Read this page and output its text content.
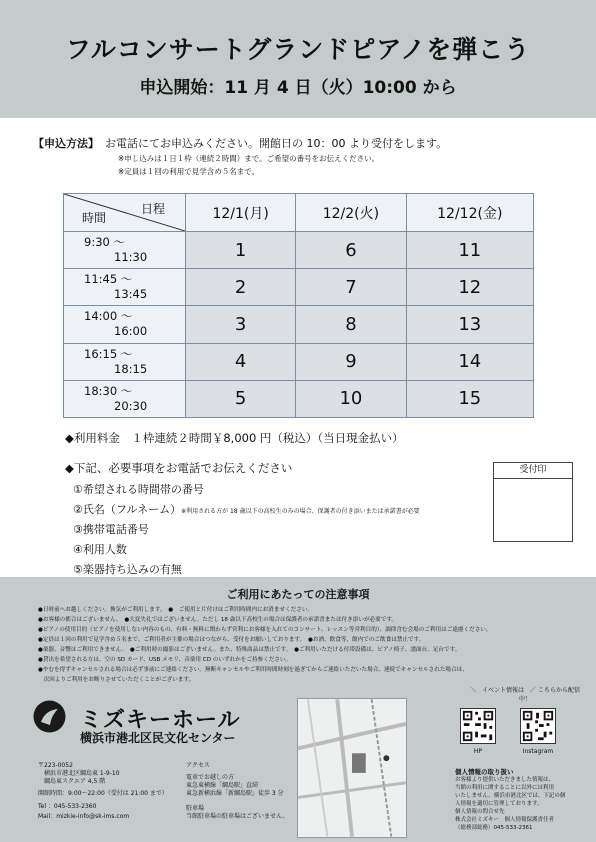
フルコンサートグランドピアノを弾こう
申込開始：11 月 4 日（火）10:00 から
【申込方法】 お電話にてお申込みください。開館日の 10：00 より受付をします。
※申し込みは１日１枠（連続２時間）まで。ご希望の番号をお伝えください。
※定員は１回の利用で見学含め５名まで。
日程
時間	12/1(月)	12/2(火)	12/12(金)
9:30 ～
11:30	1	6	11
11:45 ～
13:45	2	7	12
14:00 ～
16:00	3	8	13
16:15 ～
18:15	4	9	14
18:30 ～
20:30	5	10	15
◆利用料金　１枠連続２時間￥8,000 円（税込）（当日現金払い）
◆下記、必要事項をお電話でお伝えください
①希望される時間帯の番号
②氏名（フルネーム）※利用される方が 18 歳以下の高校生のみの場合、保護者の付き添いまたは承諾書が必要
③携帯電話番号
④利用人数
⑤楽器持ち込みの有無
受付印
ご利用にあたっての注意事項
●日時前へお越しください。換気がご利用します。　●　ご使用と片付けはご利用時間内にお済ませください。
●お客様の都合はございません。　●大変失礼ではございません。ただし 18 歳以下高校生の場合は保護者の承諾書または付き添いが必要です。
●ピアノの使用目的（ピアノを使用しない内容のもの、有料・無料に関わらず営利にお客様を入れてのコンサート、レッスン等営利目的）、調律含む会場のご利用はご遠慮ください。
●定員は１回の利用で見学含め５名まで。ご利用者が主催の場合はつながら、受付をお願いしております。　●お酒、飲食等、館内でのご飲食は禁止です。
●楽器、音響はご利用できません。　●ご利用時の撮影はございません。また、特殊商品は禁止です。　●ご利用いただける付帯設備は、ピアノ椅子、譜面台、足台です。
●貸出を希望される方は、空の SD カード、USB メモリ、音楽用 CD のいずれかをご持参ください。
●やむを得ずキャンセルされる場合は必ず事前にご連絡ください。無断キャンセルやご利用時間時刻を過ぎてからご連絡いただいた場合、連続でキャンセルされた場合は、
　次回よりご利用をお断りさせていただくことがございます。
ミズキーホール
横浜市港北区民文化センター
〒223-0052
横浜市港北区綱島東 1-9-10
綱島東スクエア 4,5 階
開館時間：9:00～22:00（受付は 21:00 まで）
Tel ：045-533-2360
Mail：mizkie-info@sk-ims.com
アクセス
電車でお越しの方
東急東横線「綱島駅」直結
東急新横浜線「新綱島駅」徒歩 3 分
駐車場
当館駐車場の駐車場はございません。
＼　イベント情報は　／ こちらから配信中！
HP	Instagram
個人情報の取り扱い
お客様より提供いただきました情報は、
当館の利用に関することに以外には利用
いたしません。横浜市港北区では、下記の個
人情報を適切に管理しております。
個人情報の問合せ先
株式会社ミズキー　個人情報保護責任者
（総務部総務）045-533-2361
